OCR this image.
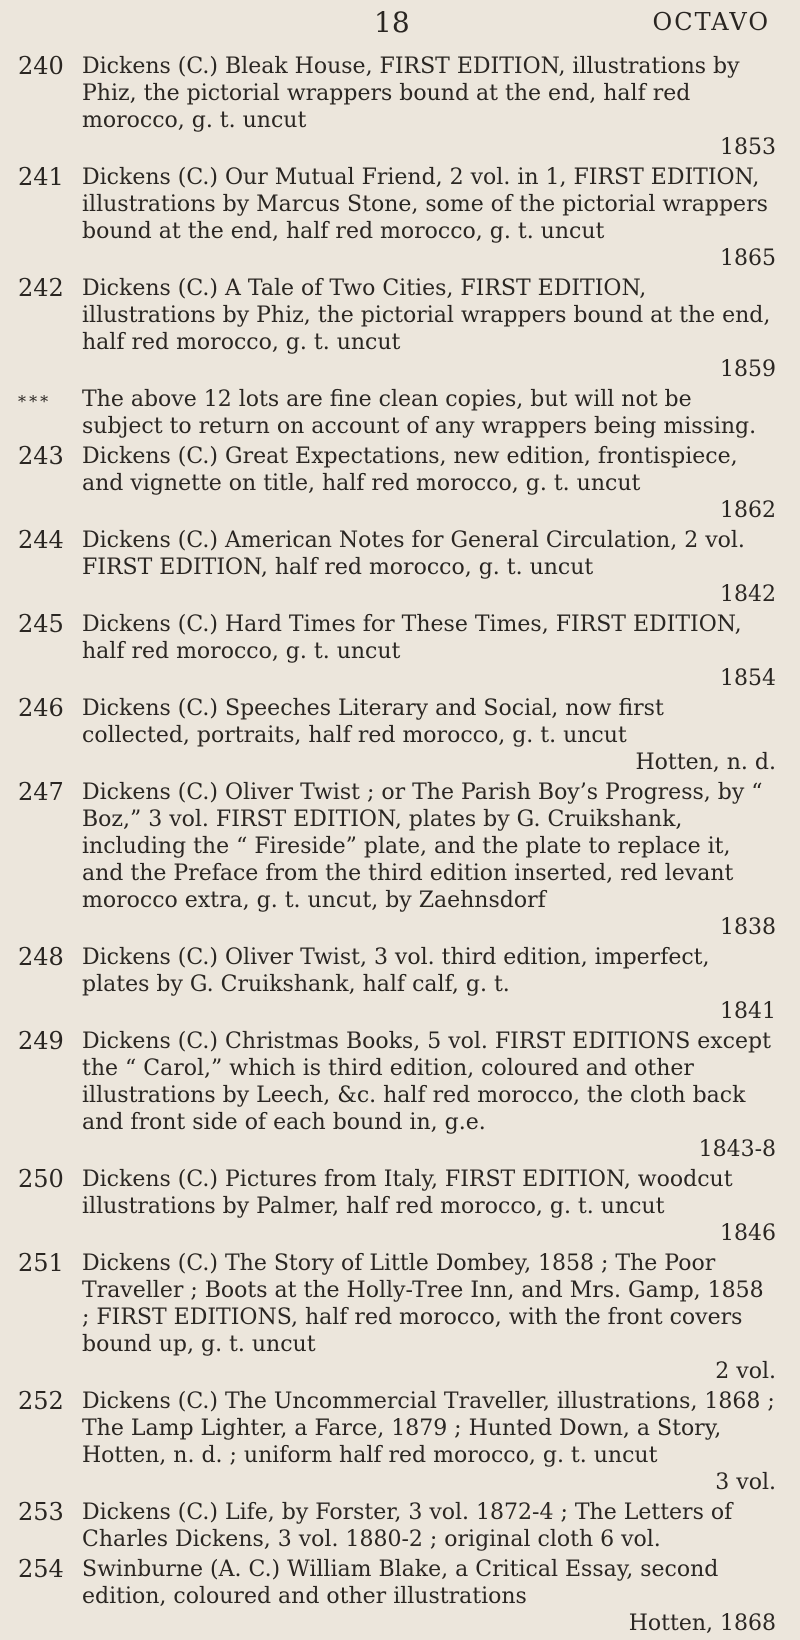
18	OCTAVO
240 Dickens (C.) Bleak House, FIRST EDITION, illustrations by Phiz, the pictorial wrappers bound at the end, half red morocco, g. t. uncut
1853
241 Dickens (C.) Our Mutual Friend, 2 vol. in 1, FIRST EDITION, illustrations by Marcus Stone, some of the pictorial wrappers bound at the end, half red morocco, g. t. uncut
1865
242 Dickens (C.) A Tale of Two Cities, FIRST EDITION, illustrations by Phiz, the pictorial wrappers bound at the end, half red morocco, g. t. uncut
1859
* * * The above 12 lots are fine clean copies, but will not be subject to return on account of any wrappers being missing.
243 Dickens (C.) Great Expectations, new edition, frontispiece, and vignette on title, half red morocco, g. t. uncut
1862
244 Dickens (C.) American Notes for General Circulation, 2 vol. FIRST EDITION, half red morocco, g. t. uncut
1842
245 Dickens (C.) Hard Times for These Times, FIRST EDITION, half red morocco, g. t. uncut
1854
246 Dickens (C.) Speeches Literary and Social, now first collected, portraits, half red morocco, g. t. uncut
Hotten, n. d.
247 Dickens (C.) Oliver Twist ; or The Parish Boy’s Progress, by “ Boz,” 3 vol. FIRST EDITION, plates by G. Cruikshank, including the “ Fireside” plate, and the plate to replace it, and the Preface from the third edition inserted, red levant morocco extra, g. t. uncut, by Zaehnsdorf
1838
248 Dickens (C.) Oliver Twist, 3 vol. third edition, imperfect, plates by G. Cruikshank, half calf, g. t.
1841
249 Dickens (C.) Christmas Books, 5 vol. FIRST EDITIONS except the “ Carol,” which is third edition, coloured and other illustrations by Leech, &c. half red morocco, the cloth back and front side of each bound in, g.e.
1843-8
250 Dickens (C.) Pictures from Italy, FIRST EDITION, woodcut illustrations by Palmer, half red morocco, g. t. uncut
1846
251 Dickens (C.) The Story of Little Dombey, 1858 ; The Poor Traveller ; Boots at the Holly-Tree Inn, and Mrs. Gamp, 1858 ; FIRST EDITIONS, half red morocco, with the front covers bound up, g. t. uncut
2 vol.
252 Dickens (C.) The Uncommercial Traveller, illustrations, 1868 ; The Lamp Lighter, a Farce, 1879 ; Hunted Down, a Story, Hotten, n. d. ; uniform half red morocco, g. t. uncut
3 vol.
253 Dickens (C.) Life, by Forster, 3 vol. 1872-4 ; The Letters of Charles Dickens, 3 vol. 1880-2 ; original cloth 6 vol.
254 Swinburne (A. C.) William Blake, a Critical Essay, second edition, coloured and other illustrations
Hotten, 1868
